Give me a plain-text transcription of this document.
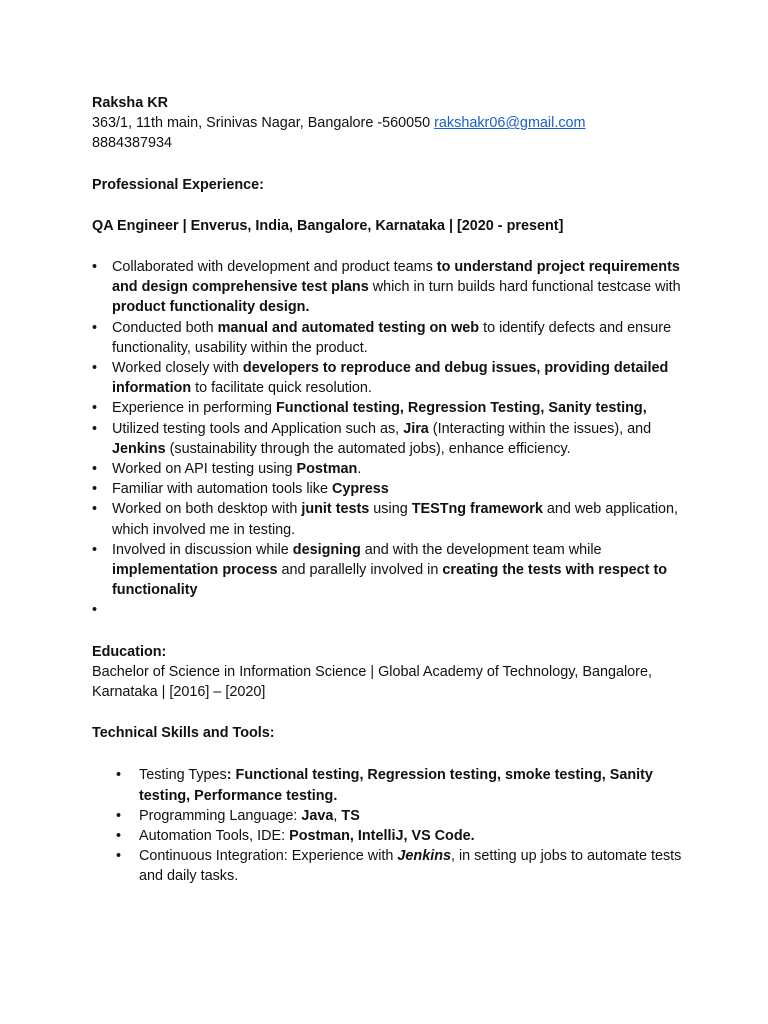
Raksha KR

363/1, 11th main, Srinivas Nagar, Bangalore -560050 rakshakr06@gmail.com

8884387934

Professional Experience:

QA Engineer | Enverus, India, Bangalore, Karnataka | [2020 - present]

• Collaborated with development and product teams to understand project requirements and design comprehensive test plans which in turn builds hard functional testcase with product functionality design.
• Conducted both manual and automated testing on web to identify defects and ensure functionality, usability within the product.
• Worked closely with developers to reproduce and debug issues, providing detailed information to facilitate quick resolution.
• Experience in performing Functional testing, Regression Testing, Sanity testing,
• Utilized testing tools and Application such as, Jira (Interacting within the issues), and Jenkins (sustainability through the automated jobs), enhance efficiency.
• Worked on API testing using Postman.
• Familiar with automation tools like Cypress
• Worked on both desktop with junit tests using TESTng framework and web application, which involved me in testing.
• Involved in discussion while designing and with the development team while implementation process and parallelly involved in creating the tests with respect to functionality
•

Education:

Bachelor of Science in Information Science | Global Academy of Technology, Bangalore, Karnataka | [2016] – [2020]

Technical Skills and Tools:

• Testing Types: Functional testing, Regression testing, smoke testing, Sanity testing, Performance testing.
• Programming Language: Java, TS
• Automation Tools, IDE: Postman, IntelliJ, VS Code.
• Continuous Integration: Experience with Jenkins, in setting up jobs to automate tests and daily tasks.
